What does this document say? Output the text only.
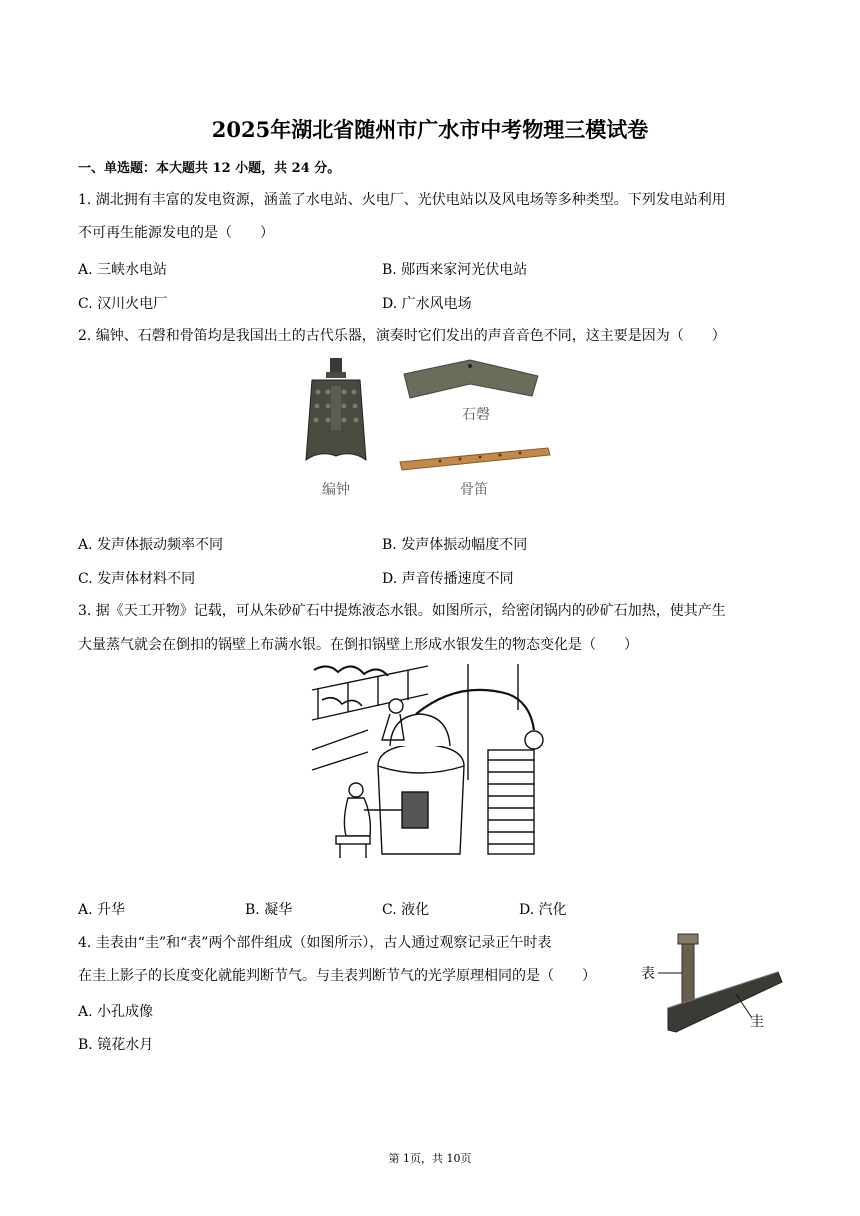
2025年湖北省随州市广水市中考物理三模试卷
一、单选题：本大题共 12 小题，共 24 分。
1. 湖北拥有丰富的发电资源，涵盖了水电站、火电厂、光伏电站以及风电场等多种类型。下列发电站利用
不可再生能源发电的是（　　）
A. 三峡水电站	B. 郧西来家河光伏电站
C. 汉川火电厂	D. 广水风电场
2. 编钟、石磬和骨笛均是我国出土的古代乐器，演奏时它们发出的声音音色不同，这主要是因为（　　）
石磬
编钟	骨笛
A. 发声体振动频率不同	B. 发声体振动幅度不同
C. 发声体材料不同	D. 声音传播速度不同
3. 据《天工开物》记载，可从朱砂矿石中提炼液态水银。如图所示，给密闭锅内的砂矿石加热，使其产生
大量蒸气就会在倒扣的锅壁上布满水银。在倒扣锅壁上形成水银发生的物态变化是（　　）
A. 升华	B. 凝华	C. 液化	D. 汽化
4. 圭表由“圭”和“表”两个部件组成（如图所示），古人通过观察记录正午时表
在圭上影子的长度变化就能判断节气。与圭表判断节气的光学原理相同的是（　　）	表
圭
A. 小孔成像
B. 镜花水月
第 1页，共 10页
